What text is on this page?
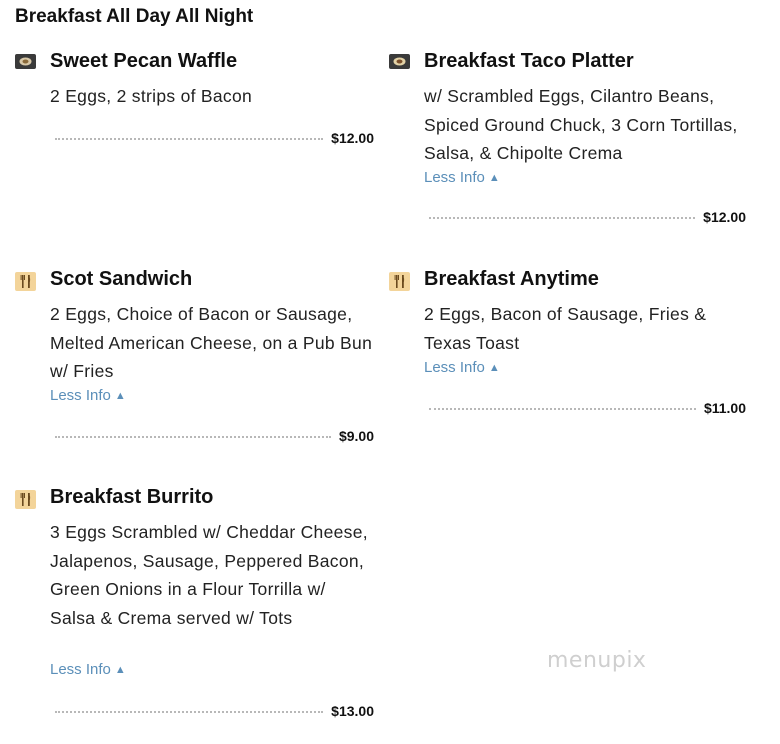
Breakfast All Day All Night
Sweet Pecan Waffle
2 Eggs, 2 strips of Bacon
$12.00
Breakfast Taco Platter
w/ Scrambled Eggs, Cilantro Beans, Spiced Ground Chuck, 3 Corn Tortillas, Salsa, & Chipolte Crema
Less Info ▲
$12.00
Scot Sandwich
2 Eggs, Choice of Bacon or Sausage, Melted American Cheese, on a Pub Bun w/ Fries
Less Info ▲
$9.00
Breakfast Anytime
2 Eggs, Bacon of Sausage, Fries & Texas Toast
Less Info ▲
$11.00
Breakfast Burrito
3 Eggs Scrambled w/ Cheddar Cheese, Jalapenos, Sausage, Peppered Bacon, Green Onions in a Flour Torrilla w/ Salsa & Crema served w/ Tots
Less Info ▲
$13.00
menupix
